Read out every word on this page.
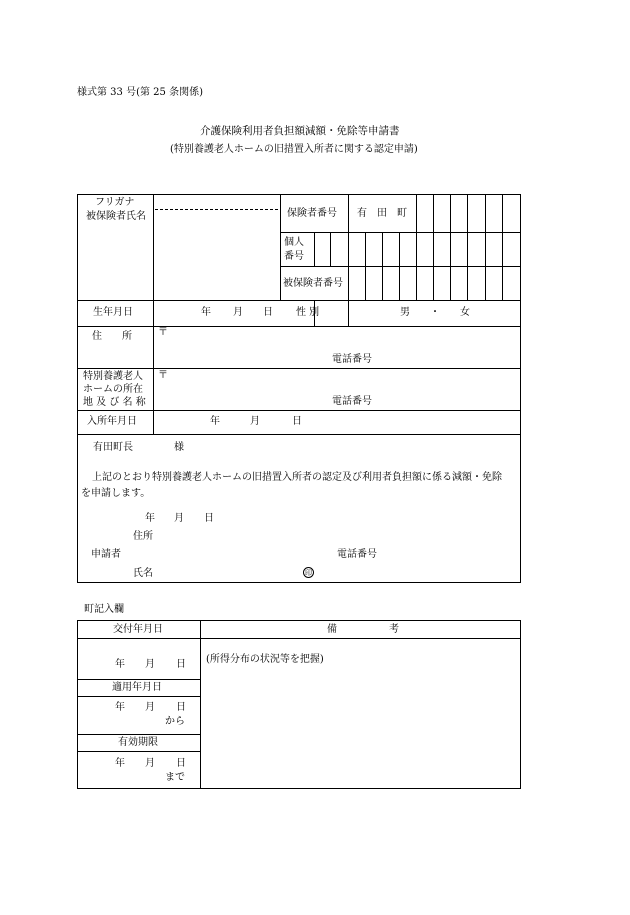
様式第 33 号(第 25 条関係)
介護保険利用者負担額減額・免除等申請書
(特別養護老人ホームの旧措置入所者に関する認定申請)
フリガナ
被保険者氏名	保険者番号 有 田 町
個人
番号
被保険者番号
生年月日	年 月 日 性 別	男 ・ 女
住　　所	〒
電話番号
特別養護老人
ホームの所在
地 及 び 名 称
〒
電話番号
入所年月日	年	月	日
有田町長	様
上記のとおり特別養護老人ホームの旧措置入所者の認定及び利用者負担額に係る減額・免除
を申請します。
年 月 日
住所
申請者	電話番号
氏名	印
町記入欄
交付年月日	備	考
(所得分布の状況等を把握)
年 月 日
適用年月日
年 月 日
から
有効期限
年 月 日
まで
